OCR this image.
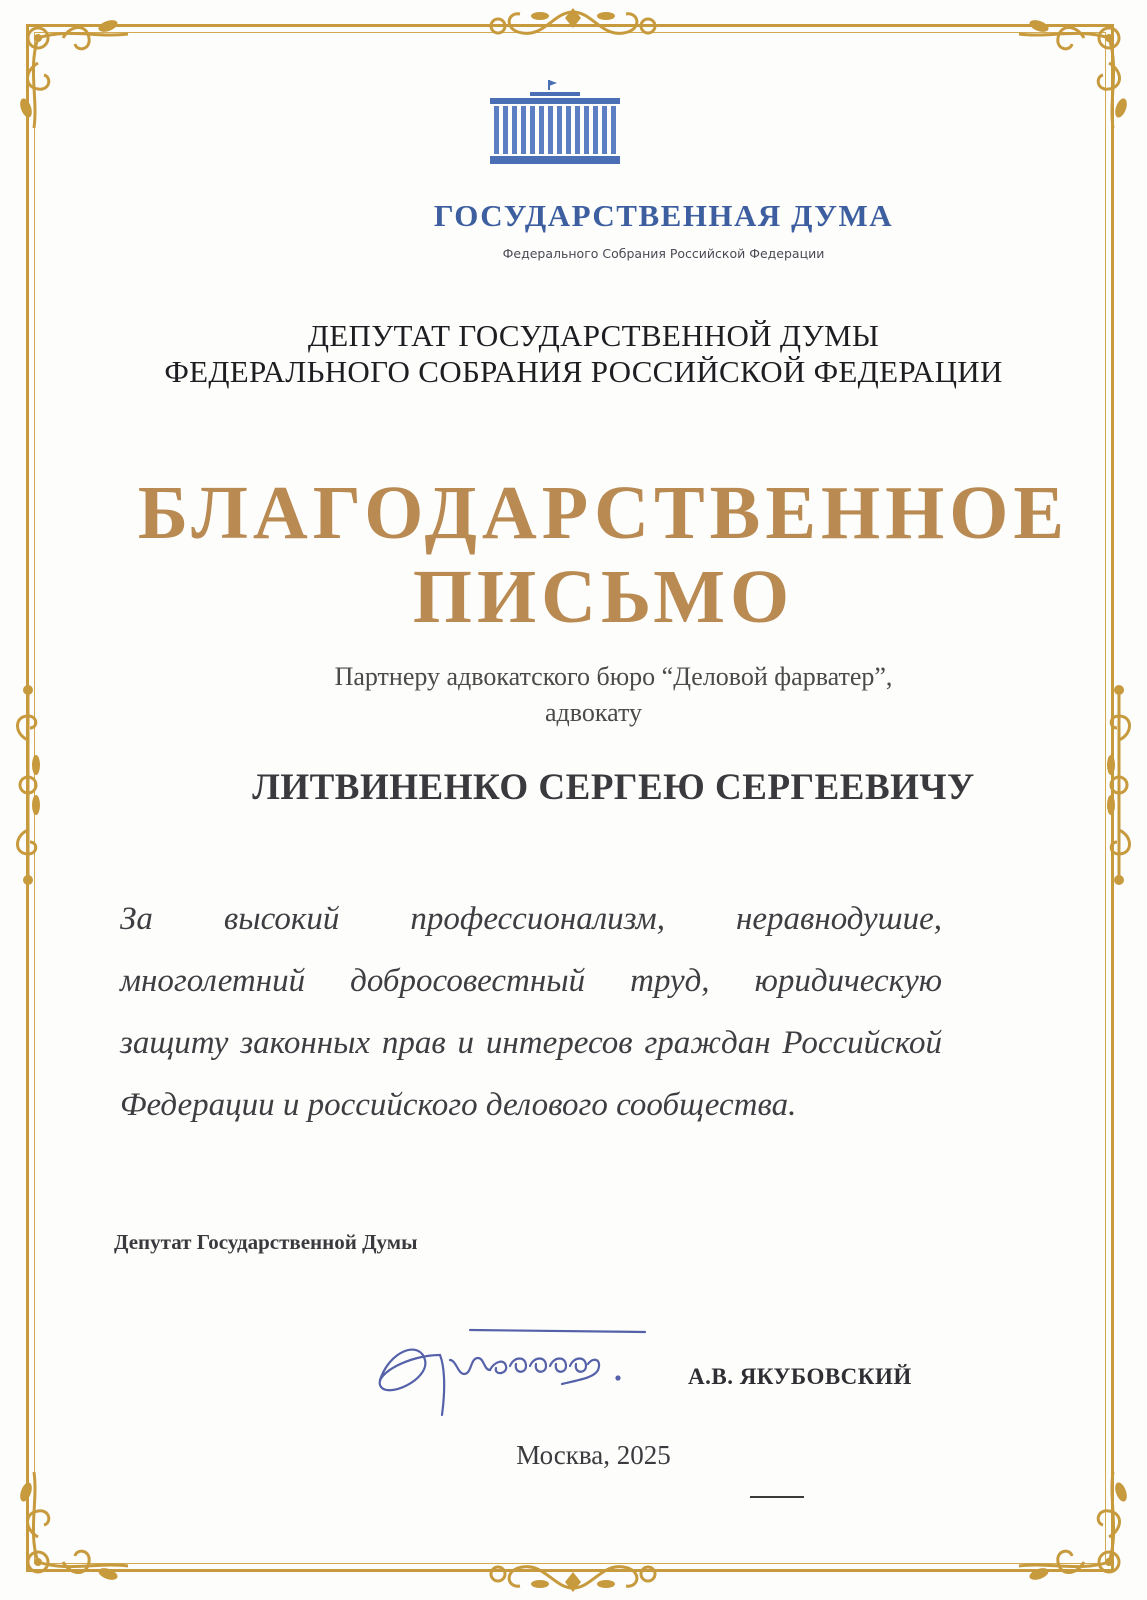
ГОСУДАРСТВЕННАЯ ДУМА
Федерального Собрания Российской Федерации
ДЕПУТАТ ГОСУДАРСТВЕННОЙ ДУМЫ
ФЕДЕРАЛЬНОГО СОБРАНИЯ РОССИЙСКОЙ ФЕДЕРАЦИИ
БЛАГОДАРСТВЕННОЕ
ПИСЬМО
Партнеру адвокатского бюро “Деловой фарватер”,
адвокату
ЛИТВИНЕНКО СЕРГЕЮ СЕРГЕЕВИЧУ
За высокий профессионализм, неравнодушие, многолетний добросовестный труд, юридическую защиту законных прав и интересов граждан Российской Федерации и российского делового сообщества.
Депутат Государственной Думы
А.В. ЯКУБОВСКИЙ
Москва, 2025
